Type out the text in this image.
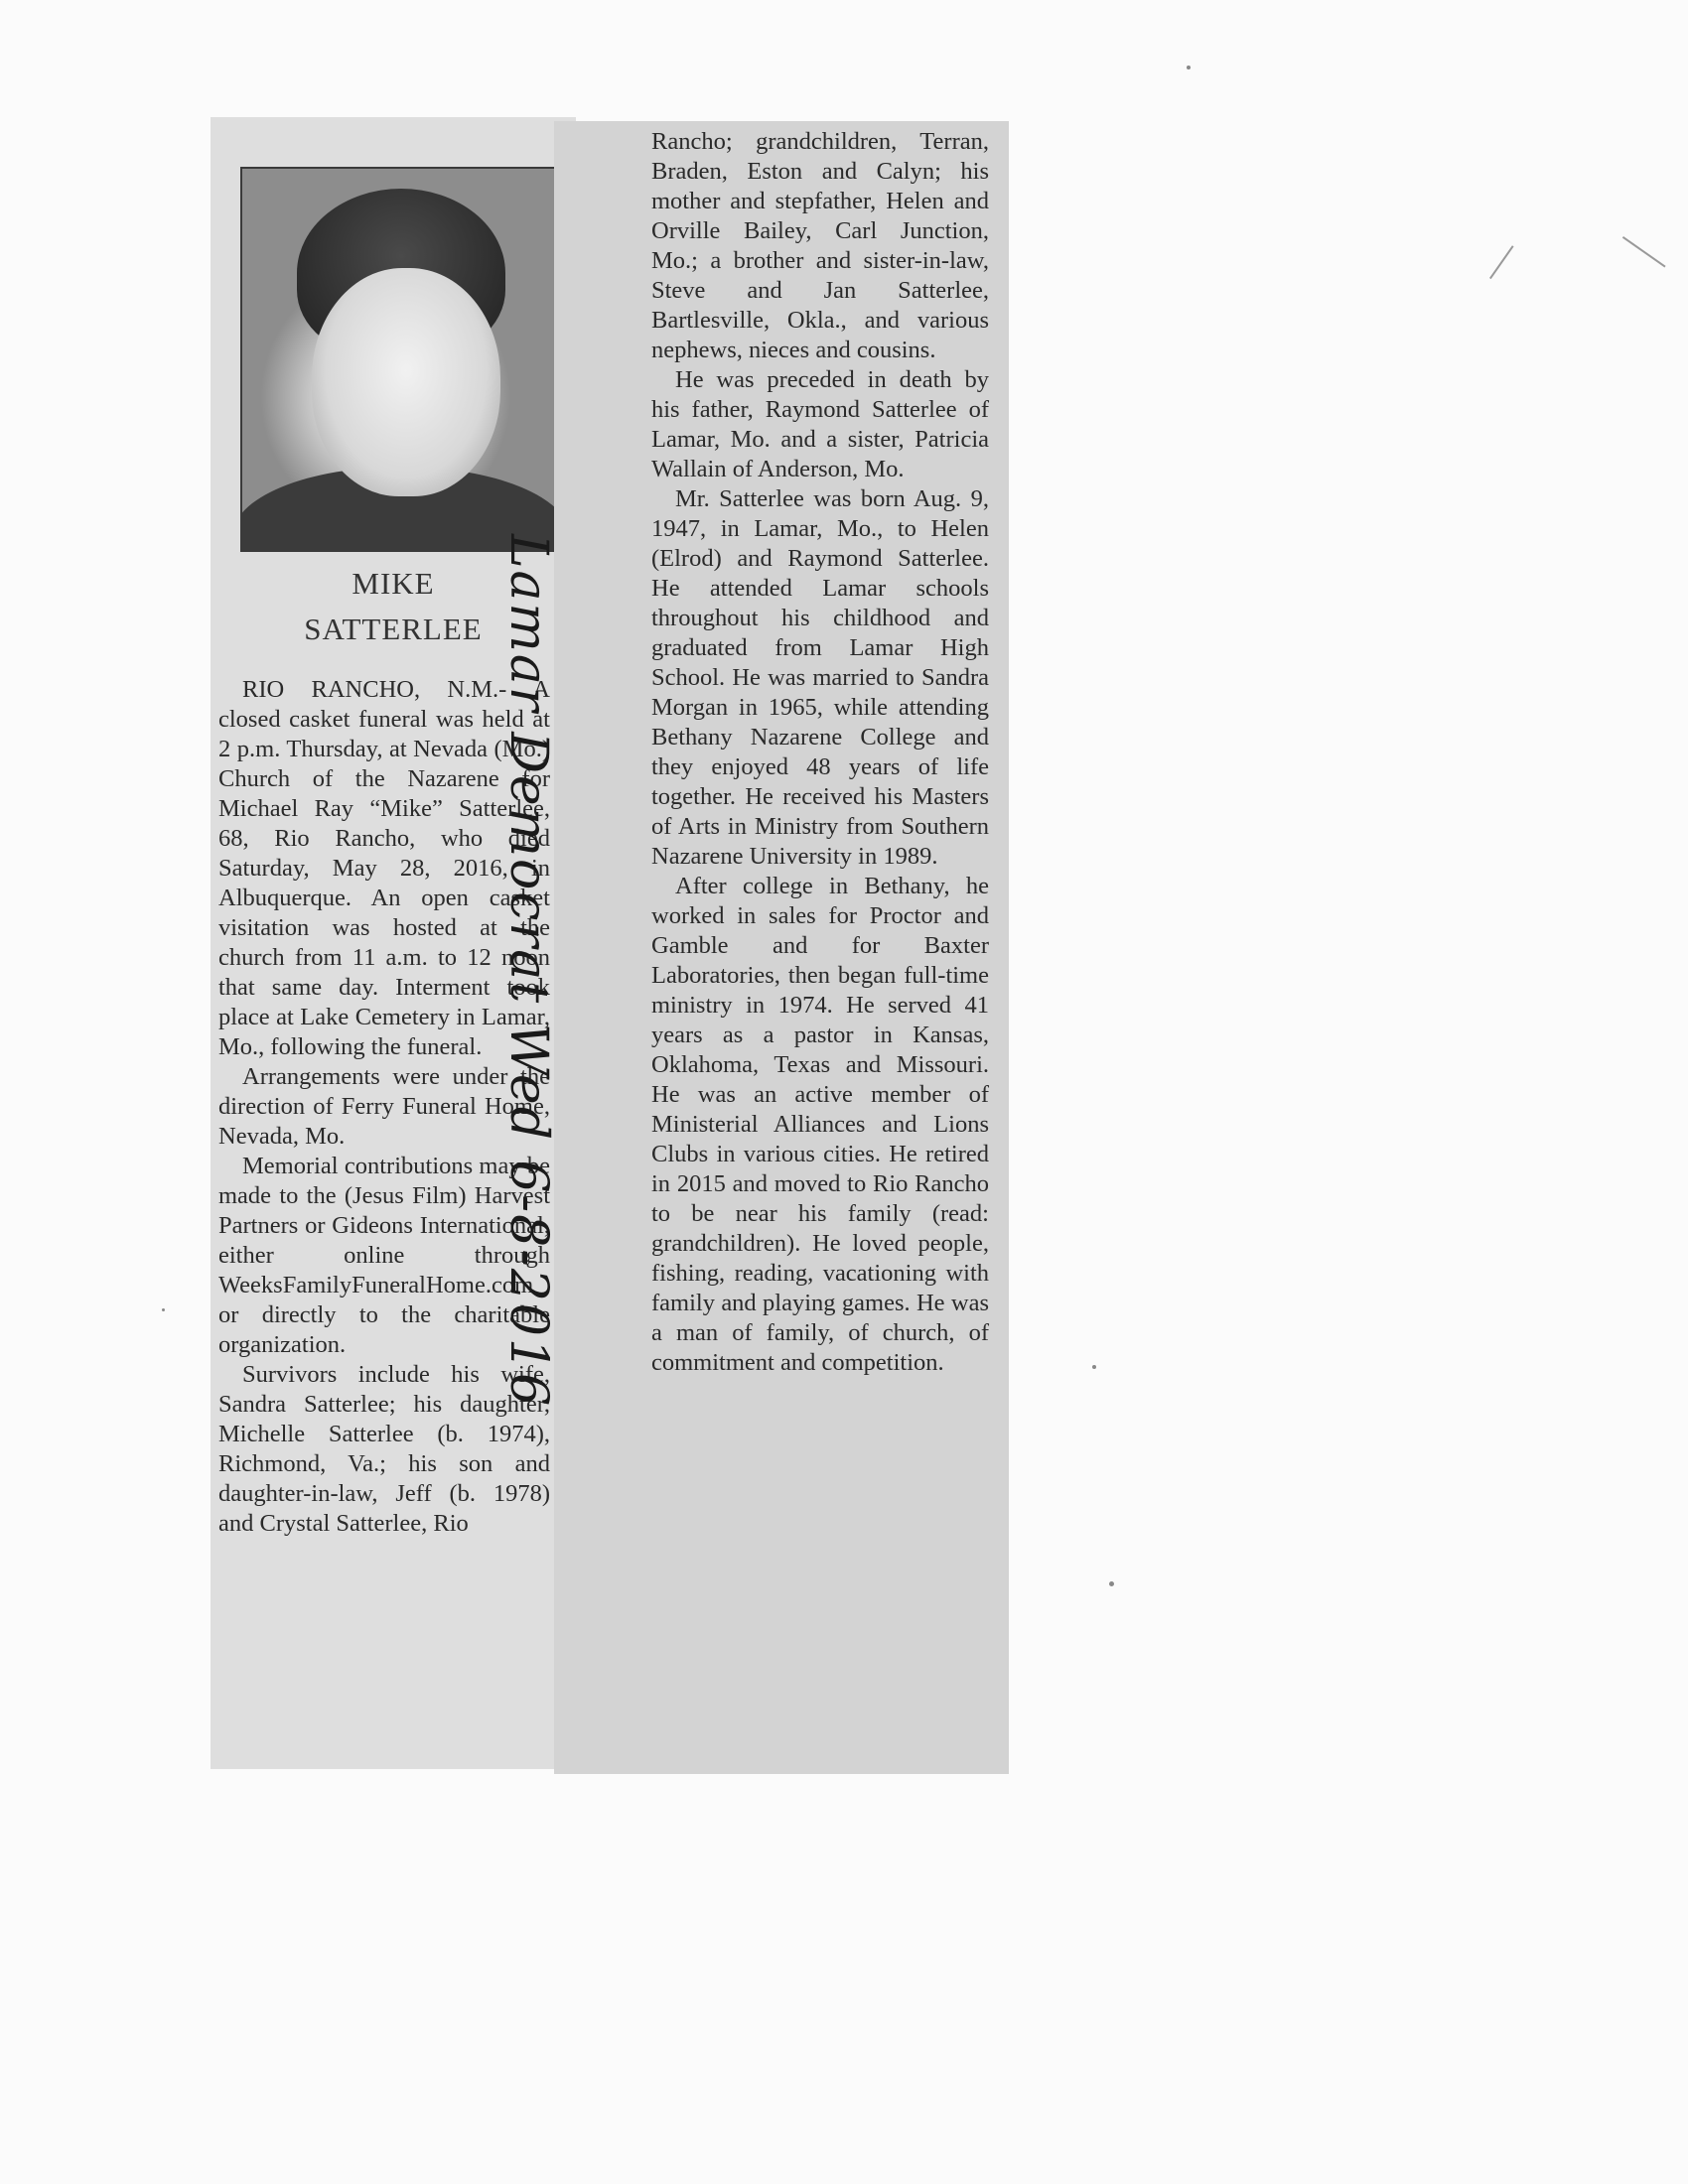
MIKE
SATTERLEE

RIO RANCHO, N.M.- A closed casket funeral was held at 2 p.m. Thursday, at Nevada (Mo.) Church of the Nazarene for Michael Ray “Mike” Satterlee, 68, Rio Rancho, who died Saturday, May 28, 2016, in Albuquerque. An open casket visitation was hosted at the church from 11 a.m. to 12 noon that same day. Interment took place at Lake Cemetery in Lamar, Mo., following the funeral.

Arrangements were under the direction of Ferry Funeral Home, Nevada, Mo.

Memorial contributions may be made to the (Jesus Film) Harvest Partners or Gideons International, either online through WeeksFamilyFuneralHome.com or directly to the charitable organization.

Survivors include his wife, Sandra Satterlee; his daughter, Michelle Satterlee (b. 1974), Richmond, Va.; his son and daughter-in-law, Jeff (b. 1978) and Crystal Satterlee, Rio

Rancho; grandchildren, Terran, Braden, Eston and Calyn; his mother and stepfather, Helen and Orville Bailey, Carl Junction, Mo.; a brother and sister-in-law, Steve and Jan Satterlee, Bartlesville, Okla., and various nephews, nieces and cousins.

He was preceded in death by his father, Raymond Satterlee of Lamar, Mo. and a sister, Patricia Wallain of Anderson, Mo.

Mr. Satterlee was born Aug. 9, 1947, in Lamar, Mo., to Helen (Elrod) and Raymond Satterlee. He attended Lamar schools throughout his childhood and graduated from Lamar High School. He was married to Sandra Morgan in 1965, while attending Bethany Nazarene College and they enjoyed 48 years of life together. He received his Masters of Arts in Ministry from Southern Nazarene University in 1989.

After college in Bethany, he worked in sales for Proctor and Gamble and for Baxter Laboratories, then began full-time ministry in 1974. He served 41 years as a pastor in Kansas, Oklahoma, Texas and Missouri. He was an active member of Ministerial Alliances and Lions Clubs in various cities. He retired in 2015 and moved to Rio Rancho to be near his family (read: grandchildren). He loved people, fishing, reading, vacationing with family and playing games. He was a man of family, of church, of commitment and competition.

Lamar Democrat Wed 6-8-2016
